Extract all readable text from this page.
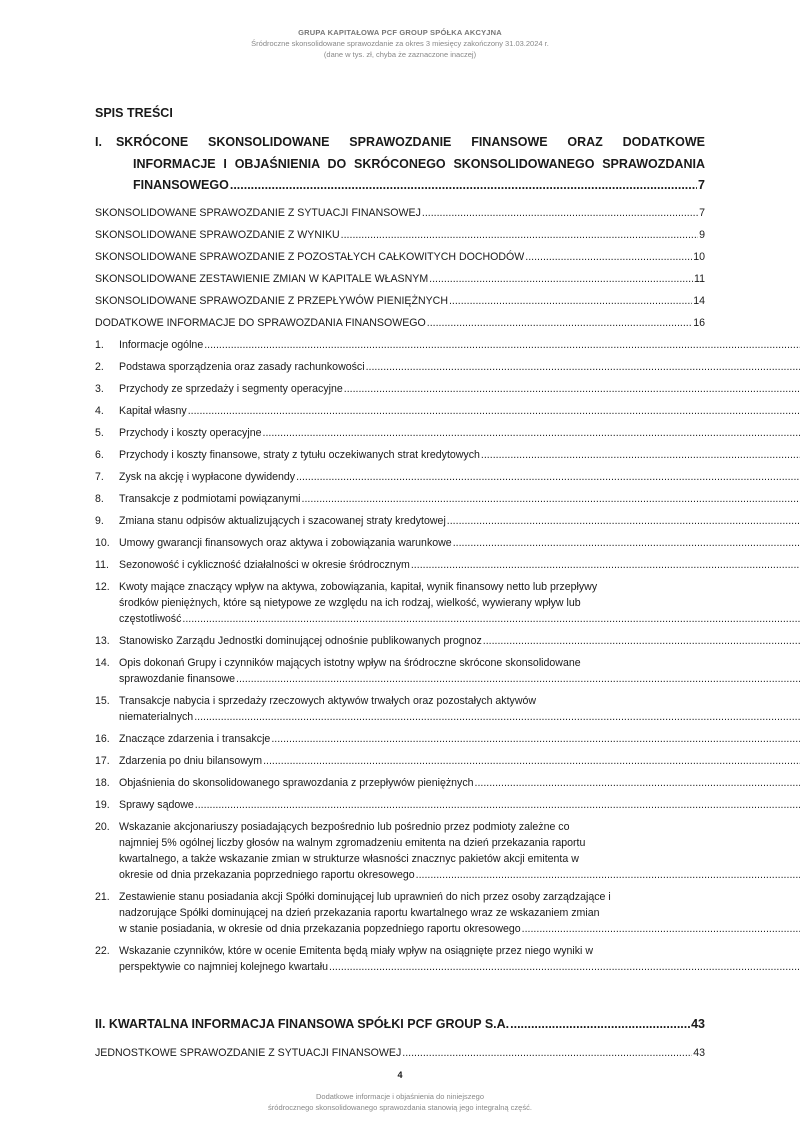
GRUPA KAPITAŁOWA PCF GROUP SPÓŁKA AKCYJNA
Śródroczne skonsolidowane sprawozdanie za okres 3 miesięcy zakończony 31.03.2024 r.
(dane w tys. zł, chyba że zaznaczone inaczej)
SPIS TREŚCI
I. SKRÓCONE SKONSOLIDOWANE SPRAWOZDANIE FINANSOWE ORAZ DODATKOWE
INFORMACJE I OBJAŚNIENIA DO SKRÓCONEGO SKONSOLIDOWANEGO SPRAWOZDANIA
FINANSOWEGO .....	7
SKONSOLIDOWANE SPRAWOZDANIE Z SYTUACJI FINANSOWEJ .....	7
SKONSOLIDOWANE SPRAWOZDANIE Z WYNIKU .....	9
SKONSOLIDOWANE SPRAWOZDANIE Z POZOSTAŁYCH CAŁKOWITYCH DOCHODÓW .....	10
SKONSOLIDOWANE ZESTAWIENIE ZMIAN W KAPITALE WŁASNYM .....	11
SKONSOLIDOWANE SPRAWOZDANIE Z PRZEPŁYWÓW PIENIĘŻNYCH .....	14
DODATKOWE INFORMACJE DO SPRAWOZDANIA FINANSOWEGO .....	16
1.	Informacje ogólne
.....
2.	Podstawa sporządzenia oraz zasady rachunkowości
.....
3.	Przychody ze sprzedaży i segmenty operacyjne
.....
4.	Kapitał własny
.....
5.	Przychody i koszty operacyjne
.....
6.	Przychody i koszty finansowe, straty z tytułu oczekiwanych strat kredytowych
.....
7.	Zysk na akcję i wypłacone dywidendy
.....
8.	Transakcje z podmiotami powiązanymi
.....
9.	Zmiana stanu odpisów aktualizujących i szacowanej straty kredytowej
.....
10. Umowy gwarancji finansowych oraz aktywa i zobowiązania warunkowe
.....
11. Sezonowość i cykliczność działalności w okresie śródrocznym
.....
12. Kwoty mające znaczący wpływ na aktywa, zobowiązania, kapitał, wynik finansowy netto lub przepływy
środków pieniężnych, które są nietypowe ze względu na ich rodzaj, wielkość, wywierany wpływ lub
częstotliwość
.....
13. Stanowisko Zarządu Jednostki dominującej odnośnie publikowanych prognoz
.....
14. Opis dokonań Grupy i czynników mających istotny wpływ na śródroczne skrócone skonsolidowane
sprawozdanie finansowe
.....
15. Transakcje nabycia i sprzedaży rzeczowych aktywów trwałych oraz pozostałych aktywów
niematerialnych
.....
16. Znaczące zdarzenia i transakcje
.....
17. Zdarzenia po dniu bilansowym
.....
18. Objaśnienia do skonsolidowanego sprawozdania z przepływów pieniężnych
.....
19. Sprawy sądowe
.....
20. Wskazanie akcjonariuszy posiadających bezpośrednio lub pośrednio przez podmioty zależne co
najmniej 5% ogólnej liczby głosów na walnym zgromadzeniu emitenta na dzień przekazania raportu
kwartalnego, a także wskazanie zmian w strukturze własności znacznyc pakietów akcji emitenta w
okresie od dnia przekazania poprzedniego raportu okresowego
.....
21. Zestawienie stanu posiadania akcji Spółki dominującej lub uprawnień do nich przez osoby zarządzające i
nadzorujące Spółki dominującej na dzień przekazania raportu kwartalnego wraz ze wskazaniem zmian
w stanie posiadania, w okresie od dnia przekazania popzedniego raportu okresowego
.....
22. Wskazanie czynników, które w ocenie Emitenta będą miały wpływ na osiągnięte przez niego wyniki w
perspektywie co najmniej kolejnego kwartału
.....
II. KWARTALNA INFORMACJA FINANSOWA SPÓŁKI PCF GROUP S.A. .....	43
JEDNOSTKOWE SPRAWOZDANIE Z SYTUACJI FINANSOWEJ .....	43
4
Dodatkowe informacje i objaśnienia do niniejszego
śródrocznego skonsolidowanego sprawozdania stanowią jego integralną część.
